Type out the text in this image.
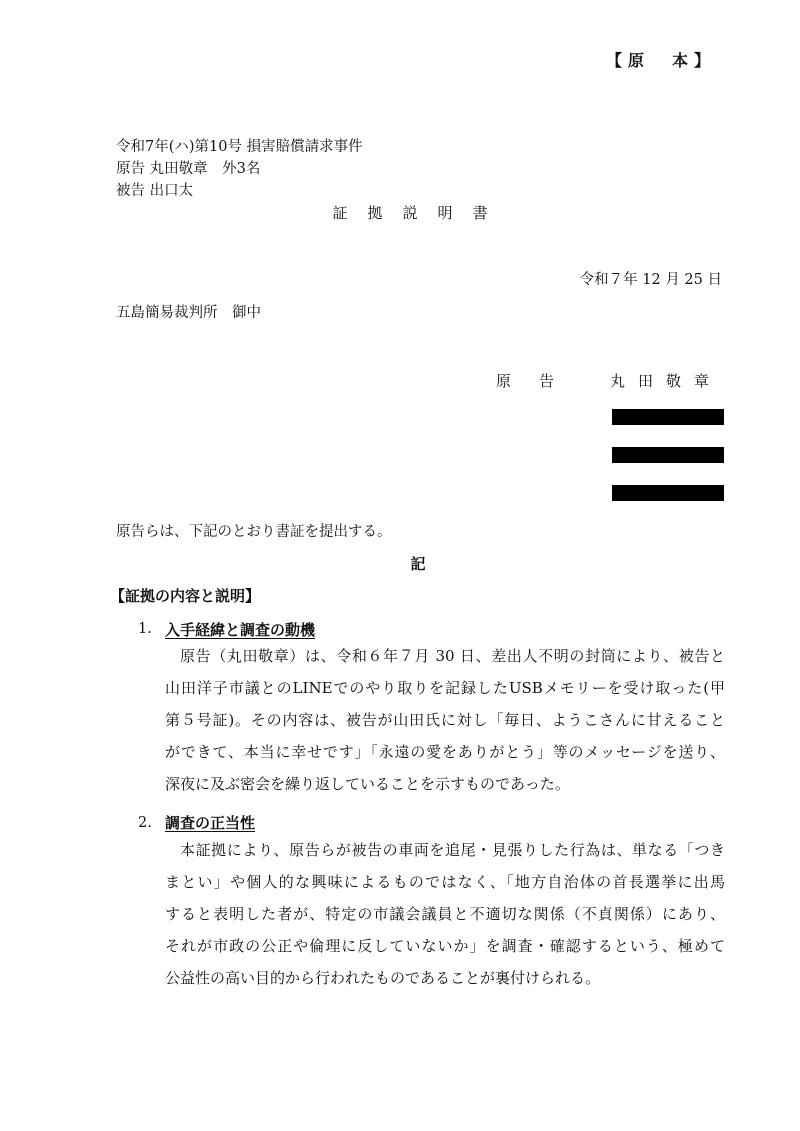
【原　本】
令和7年(ハ)第10号 損害賠償請求事件
原告 丸田敬章　外3名
被告 出口太
証拠説明書
令和７年 12 月 25 日
五島簡易裁判所　御中
原告 丸田敬章
原告らは、下記のとおり書証を提出する。
記
【証拠の内容と説明】
1. 入手経緯と調査の動機
原告（丸田敬章）は、令和６年７月 30 日、差出人不明の封筒により、被告と
山田洋子市議とのLINEでのやり取りを記録したUSBメモリーを受け取った(甲
第５号証)。その内容は、被告が山田氏に対し「毎日、ようこさんに甘えること
ができて、本当に幸せです」「永遠の愛をありがとう」等のメッセージを送り、
深夜に及ぶ密会を繰り返していることを示すものであった。
2. 調査の正当性
本証拠により、原告らが被告の車両を追尾・見張りした行為は、単なる「つき
まとい」や個人的な興味によるものではなく、「地方自治体の首長選挙に出馬
すると表明した者が、特定の市議会議員と不適切な関係（不貞関係）にあり、
それが市政の公正や倫理に反していないか」を調査・確認するという、極めて
公益性の高い目的から行われたものであることが裏付けられる。
